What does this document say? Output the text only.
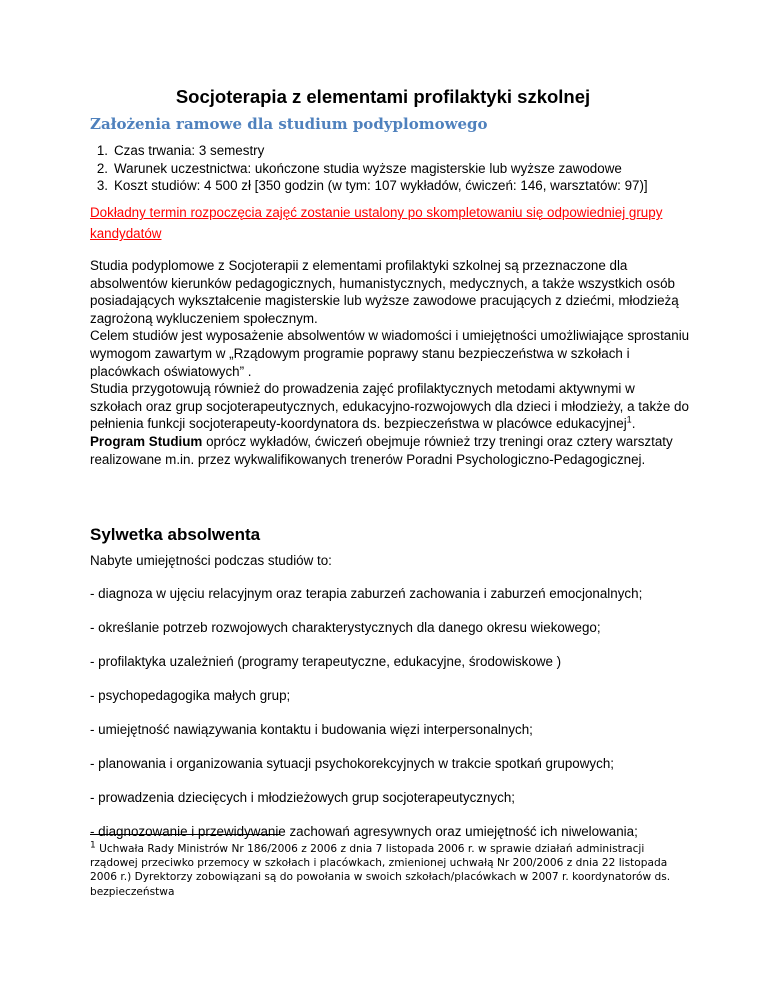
Socjoterapia z elementami profilaktyki szkolnej
Założenia ramowe dla studium podyplomowego
1. Czas trwania: 3 semestry
2. Warunek uczestnictwa: ukończone studia wyższe magisterskie lub wyższe zawodowe
3. Koszt studiów: 4 500 zł [350 godzin (w tym: 107 wykładów, ćwiczeń: 146, warsztatów: 97)]
Dokładny termin rozpoczęcia zajęć zostanie ustalony po skompletowaniu się odpowiedniej grupy kandydatów

Studia podyplomowe z Socjoterapii z elementami profilaktyki szkolnej są przeznaczone dla absolwentów kierunków pedagogicznych, humanistycznych, medycznych, a także wszystkich osób posiadających wykształcenie magisterskie lub wyższe zawodowe pracujących z dziećmi, młodzieżą zagrożoną wykluczeniem społecznym.

Celem studiów jest wyposażenie absolwentów w wiadomości i umiejętności umożliwiające sprostaniu wymogom zawartym w „Rządowym programie poprawy stanu bezpieczeństwa w szkołach i placówkach oświatowych” .

Studia przygotowują również do prowadzenia zajęć profilaktycznych metodami aktywnymi w szkołach oraz grup socjoterapeutycznych, edukacyjno-rozwojowych dla dzieci i młodzieży, a także do pełnienia funkcji socjoterapeuty-koordynatora ds. bezpieczeństwa w placówce edukacyjnej$^1$.

Program Studium oprócz wykładów, ćwiczeń obejmuje również trzy treningi oraz cztery warsztaty realizowane m.in. przez wykwalifikowanych trenerów Poradni Psychologiczno-Pedagogicznej.

Sylwetka absolwenta
Nabyte umiejętności podczas studiów to:
- diagnoza w ujęciu relacyjnym oraz terapia zaburzeń zachowania i zaburzeń emocjonalnych;
- określanie potrzeb rozwojowych charakterystycznych dla danego okresu wiekowego;
- profilaktyka uzależnień (programy terapeutyczne, edukacyjne, środowiskowe )
- psychopedagogika małych grup;
- umiejętność nawiązywania kontaktu i budowania więzi interpersonalnych;
- planowania i organizowania sytuacji psychokorekcyjnych w trakcie spotkań grupowych;
- prowadzenia dziecięcych i młodzieżowych grup socjoterapeutycznych;
- diagnozowanie i przewidywanie zachowań agresywnych oraz umiejętność ich niwelowania;

$^1$ Uchwała Rady Ministrów Nr 186/2006 z 2006 z dnia 7 listopada 2006 r. w sprawie działań administracji rządowej przeciwko przemocy w szkołach i placówkach, zmienionej uchwałą Nr 200/2006 z dnia 22 listopada 2006 r.) Dyrektorzy zobowiązani są do powołania w swoich szkołach/placówkach w 2007 r. koordynatorów ds. bezpieczeństwa
